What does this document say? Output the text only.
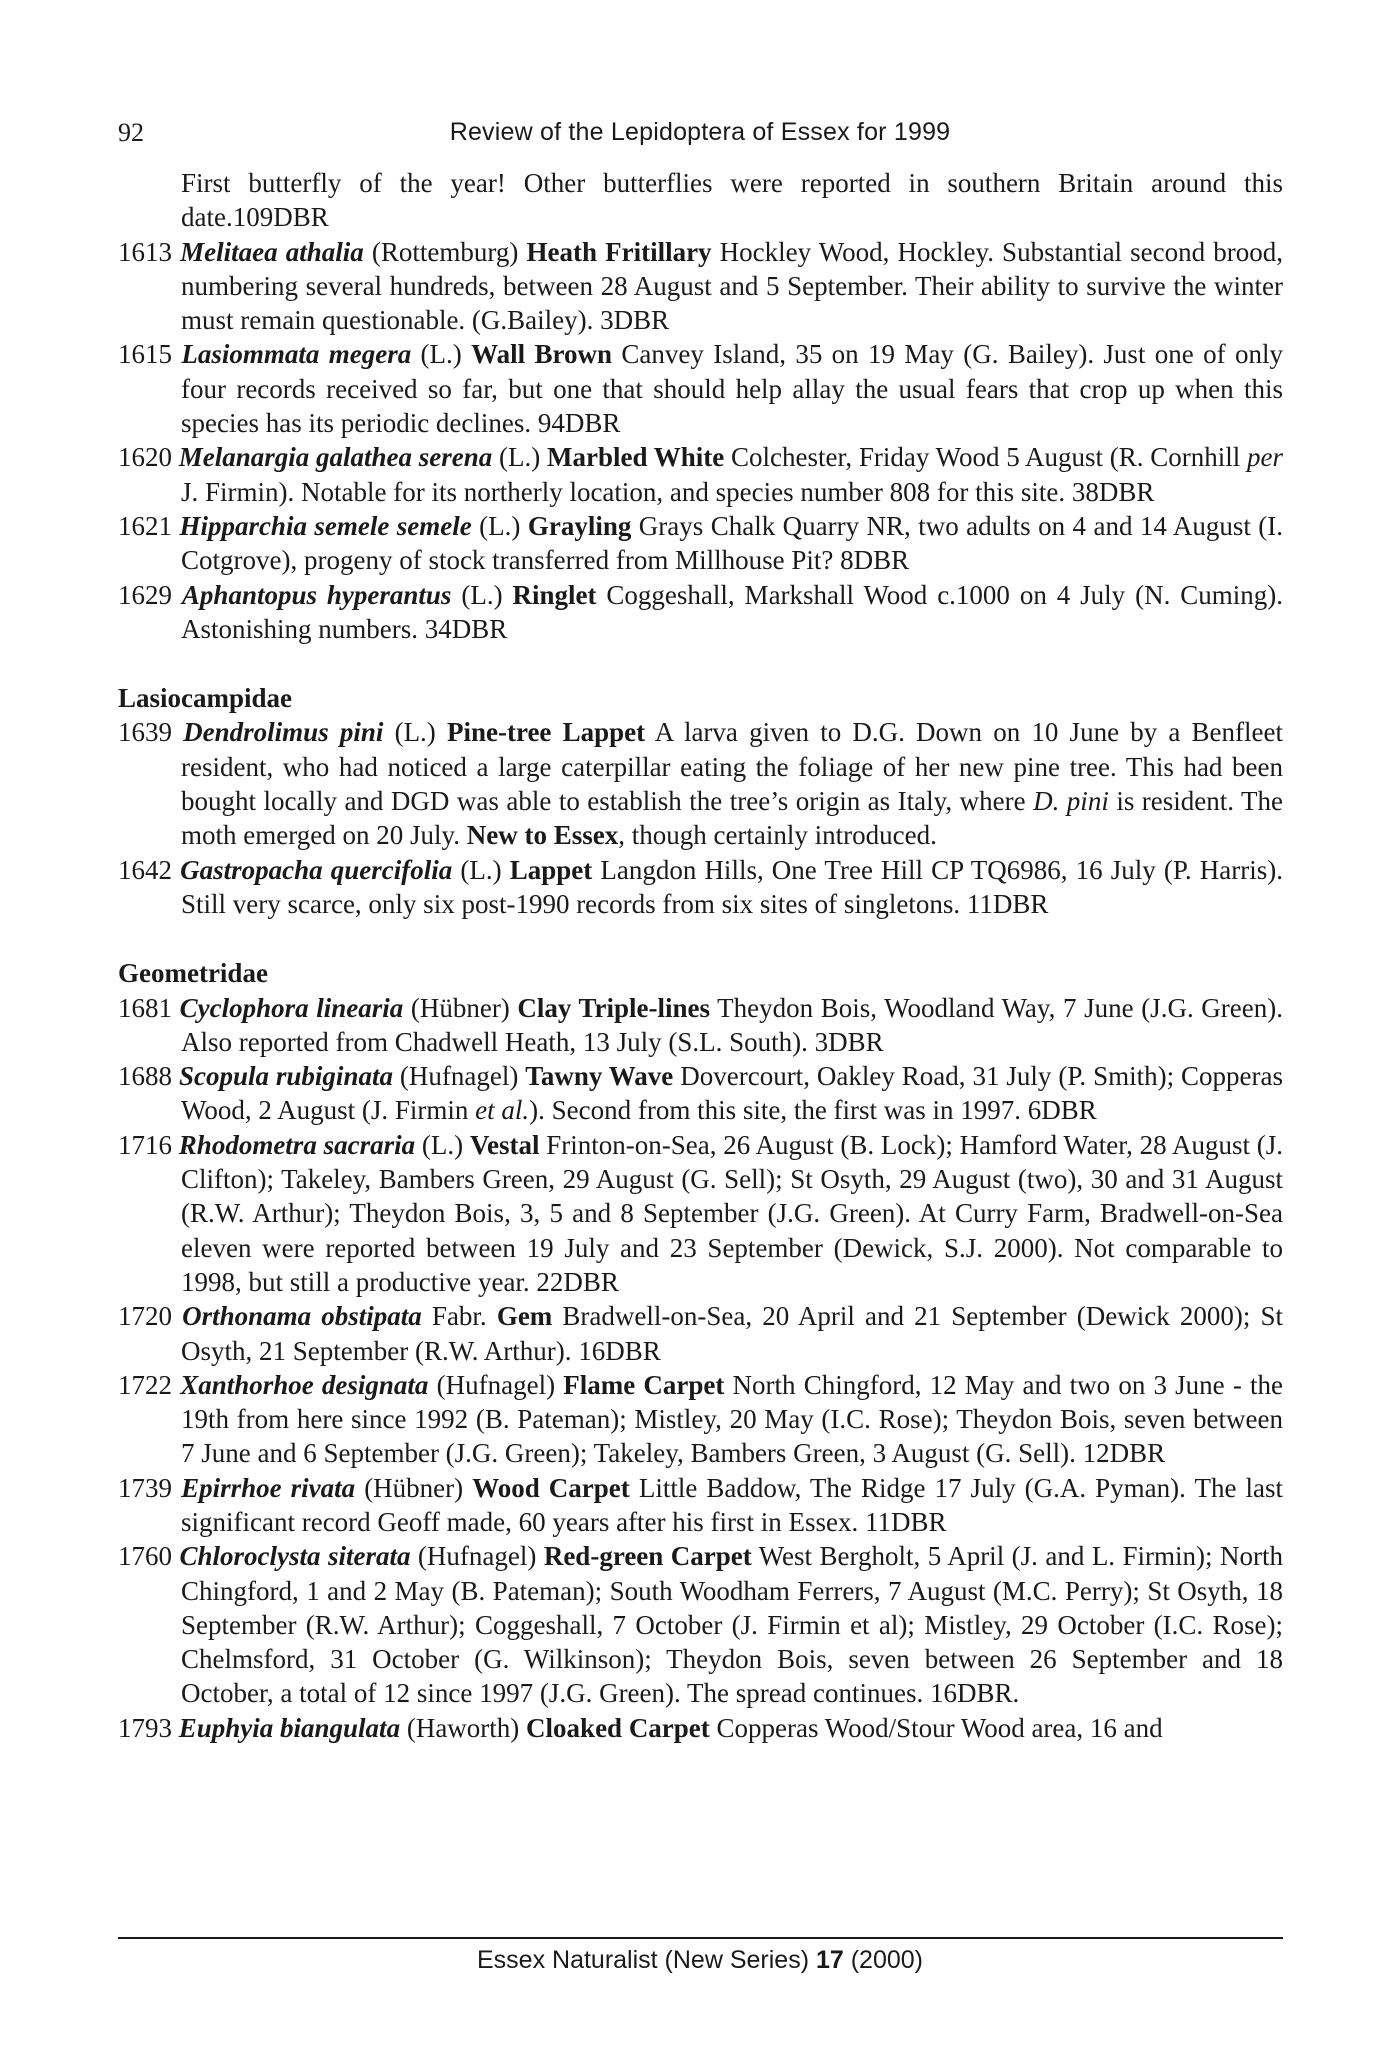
92	Review of the Lepidoptera of Essex for 1999

First butterfly of the year! Other butterflies were reported in southern Britain around this date.109DBR

1613 Melitaea athalia (Rottemburg) Heath Fritillary Hockley Wood, Hockley. Substantial second brood, numbering several hundreds, between 28 August and 5 September. Their ability to survive the winter must remain questionable. (G.Bailey). 3DBR

1615 Lasiommata megera (L.) Wall Brown Canvey Island, 35 on 19 May (G. Bailey). Just one of only four records received so far, but one that should help allay the usual fears that crop up when this species has its periodic declines. 94DBR

1620 Melanargia galathea serena (L.) Marbled White Colchester, Friday Wood 5 August (R. Cornhill per J. Firmin). Notable for its northerly location, and species number 808 for this site. 38DBR

1621 Hipparchia semele semele (L.) Grayling Grays Chalk Quarry NR, two adults on 4 and 14 August (I. Cotgrove), progeny of stock transferred from Millhouse Pit? 8DBR

1629 Aphantopus hyperantus (L.) Ringlet Coggeshall, Markshall Wood c.1000 on 4 July (N. Cuming). Astonishing numbers. 34DBR

Lasiocampidae

1639 Dendrolimus pini (L.) Pine-tree Lappet A larva given to D.G. Down on 10 June by a Benfleet resident, who had noticed a large caterpillar eating the foliage of her new pine tree. This had been bought locally and DGD was able to establish the tree’s origin as Italy, where D. pini is resident. The moth emerged on 20 July. New to Essex, though certainly introduced.

1642 Gastropacha quercifolia (L.) Lappet Langdon Hills, One Tree Hill CP TQ6986, 16 July (P. Harris). Still very scarce, only six post-1990 records from six sites of singletons. 11DBR

Geometridae

1681 Cyclophora linearia (Hübner) Clay Triple-lines Theydon Bois, Woodland Way, 7 June (J.G. Green). Also reported from Chadwell Heath, 13 July (S.L. South). 3DBR

1688 Scopula rubiginata (Hufnagel) Tawny Wave Dovercourt, Oakley Road, 31 July (P. Smith); Copperas Wood, 2 August (J. Firmin et al.). Second from this site, the first was in 1997. 6DBR

1716 Rhodometra sacraria (L.) Vestal Frinton-on-Sea, 26 August (B. Lock); Hamford Water, 28 August (J. Clifton); Takeley, Bambers Green, 29 August (G. Sell); St Osyth, 29 August (two), 30 and 31 August (R.W. Arthur); Theydon Bois, 3, 5 and 8 September (J.G. Green). At Curry Farm, Bradwell-on-Sea eleven were reported between 19 July and 23 September (Dewick, S.J. 2000). Not comparable to 1998, but still a productive year. 22DBR

1720 Orthonama obstipata Fabr. Gem Bradwell-on-Sea, 20 April and 21 September (Dewick 2000); St Osyth, 21 September (R.W. Arthur). 16DBR

1722 Xanthorhoe designata (Hufnagel) Flame Carpet North Chingford, 12 May and two on 3 June - the 19th from here since 1992 (B. Pateman); Mistley, 20 May (I.C. Rose); Theydon Bois, seven between 7 June and 6 September (J.G. Green); Takeley, Bambers Green, 3 August (G. Sell). 12DBR

1739 Epirrhoe rivata (Hübner) Wood Carpet Little Baddow, The Ridge 17 July (G.A. Pyman). The last significant record Geoff made, 60 years after his first in Essex. 11DBR

1760 Chloroclysta siterata (Hufnagel) Red-green Carpet West Bergholt, 5 April (J. and L. Firmin); North Chingford, 1 and 2 May (B. Pateman); South Woodham Ferrers, 7 August (M.C. Perry); St Osyth, 18 September (R.W. Arthur); Coggeshall, 7 October (J. Firmin et al); Mistley, 29 October (I.C. Rose); Chelmsford, 31 October (G. Wilkinson); Theydon Bois, seven between 26 September and 18 October, a total of 12 since 1997 (J.G. Green). The spread continues. 16DBR.

1793 Euphyia biangulata (Haworth) Cloaked Carpet Copperas Wood/Stour Wood area, 16 and

Essex Naturalist (New Series) 17 (2000)
